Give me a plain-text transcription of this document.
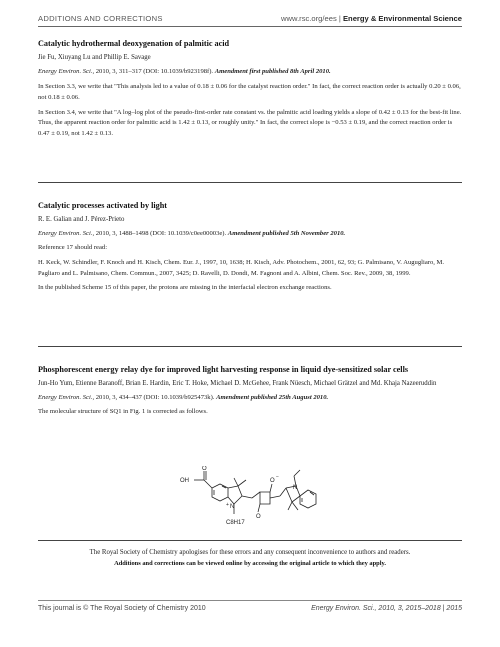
ADDITIONS AND CORRECTIONS	www.rsc.org/ees | Energy & Environmental Science
Catalytic hydrothermal deoxygenation of palmitic acid
Jie Fu, Xiuyang Lu and Phillip E. Savage
Energy Environ. Sci., 2010, 3, 311–317 (DOI: 10.1039/b923198f). Amendment first published 8th April 2010.
In Section 3.3, we write that "This analysis led to a value of 0.18 ± 0.06 for the catalyst reaction order." In fact, the correct reaction order is actually 0.20 ± 0.06, not 0.18 ± 0.06.
In Section 3.4, we write that "A log–log plot of the pseudo-first-order rate constant vs. the palmitic acid loading yields a slope of 0.42 ± 0.13 for the best-fit line. Thus, the apparent reaction order for palmitic acid is 1.42 ± 0.13, or roughly unity." In fact, the correct slope is −0.53 ± 0.19, and the correct reaction order is 0.47 ± 0.19, not 1.42 ± 0.13.
Catalytic processes activated by light
R. E. Galian and J. Pérez-Prieto
Energy Environ. Sci., 2010, 3, 1488–1498 (DOI: 10.1039/c0ee00003e). Amendment published 5th November 2010.
Reference 17 should read:
H. Keck, W. Schindler, F. Knoch and H. Kisch, Chem. Eur. J., 1997, 10, 1638; H. Kisch, Adv. Photochem., 2001, 62, 93; G. Palmisano, V. Augugliaro, M. Pagliaro and L. Palmisano, Chem. Commun., 2007, 3425; D. Ravelli, D. Dondi, M. Fagnoni and A. Albini, Chem. Soc. Rev., 2009, 38, 1999.
In the published Scheme 15 of this paper, the protons are missing in the interfacial electron exchange reactions.
Phosphorescent energy relay dye for improved light harvesting response in liquid dye-sensitized solar cells
Jun-Ho Yum, Etienne Baranoff, Brian E. Hardin, Eric T. Hoke, Michael D. McGehee, Frank Nüesch, Michael Grätzel and Md. Khaja Nazeeruddin
Energy Environ. Sci., 2010, 3, 434–437 (DOI: 10.1039/b925473k). Amendment published 25th August 2010.
The molecular structure of SQ1 in Fig. 1 is corrected as follows.
OH
O
O
−
O
N
+
N
C8H17
The Royal Society of Chemistry apologises for these errors and any consequent inconvenience to authors and readers.
Additions and corrections can be viewed online by accessing the original article to which they apply.
This journal is © The Royal Society of Chemistry 2010	Energy Environ. Sci., 2010, 3, 2015–2018 | 2015
